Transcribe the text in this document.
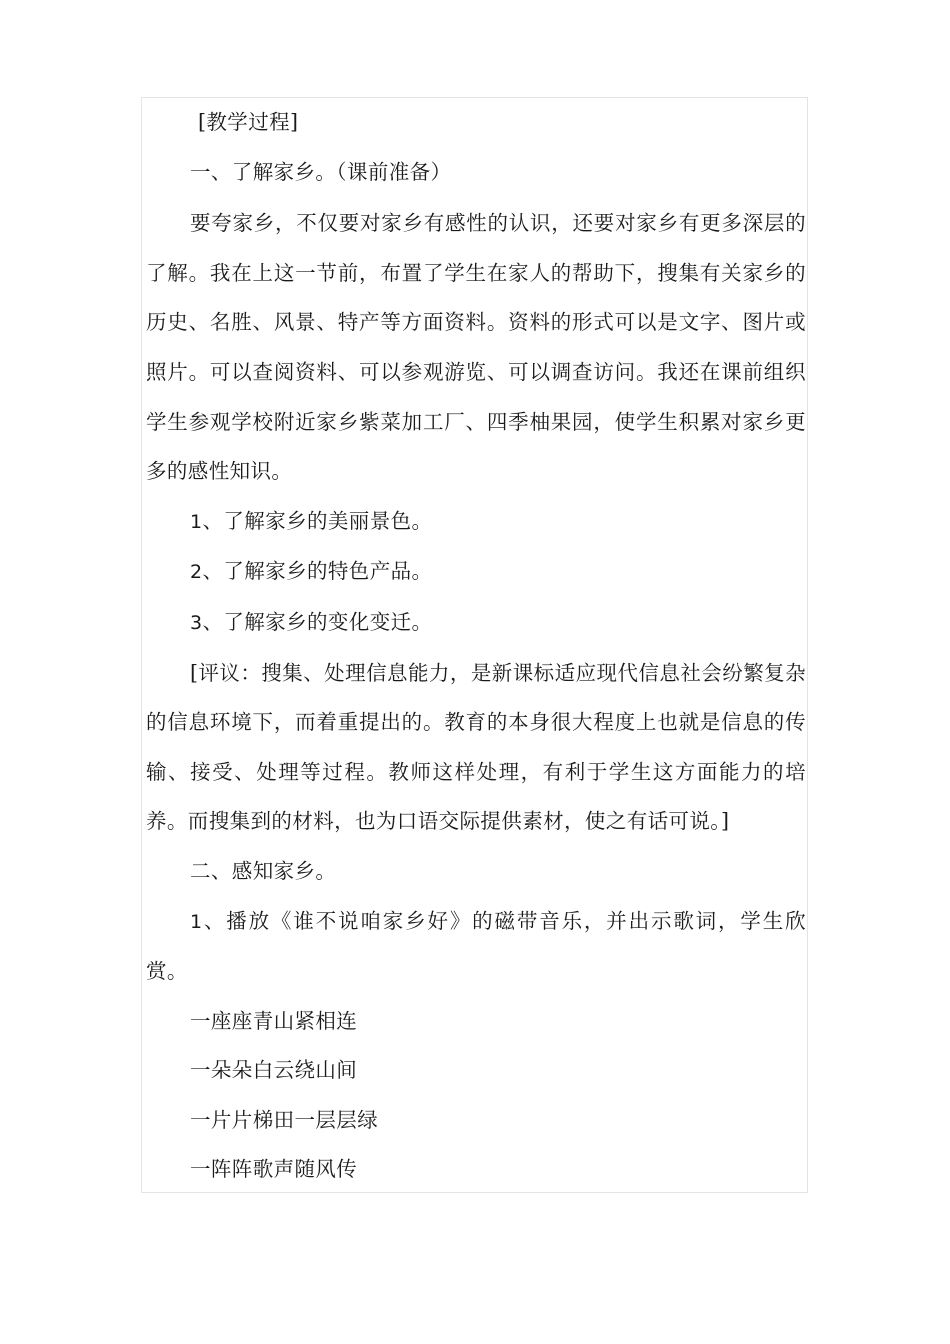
[教学过程]

一、了解家乡。（课前准备）

要夸家乡，不仅要对家乡有感性的认识，还要对家乡有更多深层的了解。我在上这一节前，布置了学生在家人的帮助下，搜集有关家乡的历史、名胜、风景、特产等方面资料。资料的形式可以是文字、图片或照片。可以查阅资料、可以参观游览、可以调查访问。我还在课前组织学生参观学校附近家乡紫菜加工厂、四季柚果园，使学生积累对家乡更多的感性知识。

1、了解家乡的美丽景色。

2、了解家乡的特色产品。

3、了解家乡的变化变迁。

[评议：搜集、处理信息能力，是新课标适应现代信息社会纷繁复杂的信息环境下，而着重提出的。教育的本身很大程度上也就是信息的传输、接受、处理等过程。教师这样处理，有利于学生这方面能力的培养。而搜集到的材料，也为口语交际提供素材，使之有话可说。]

二、感知家乡。

1、播放《谁不说咱家乡好》的磁带音乐，并出示歌词，学生欣赏。

一座座青山紧相连

一朵朵白云绕山间

一片片梯田一层层绿

一阵阵歌声随风传
